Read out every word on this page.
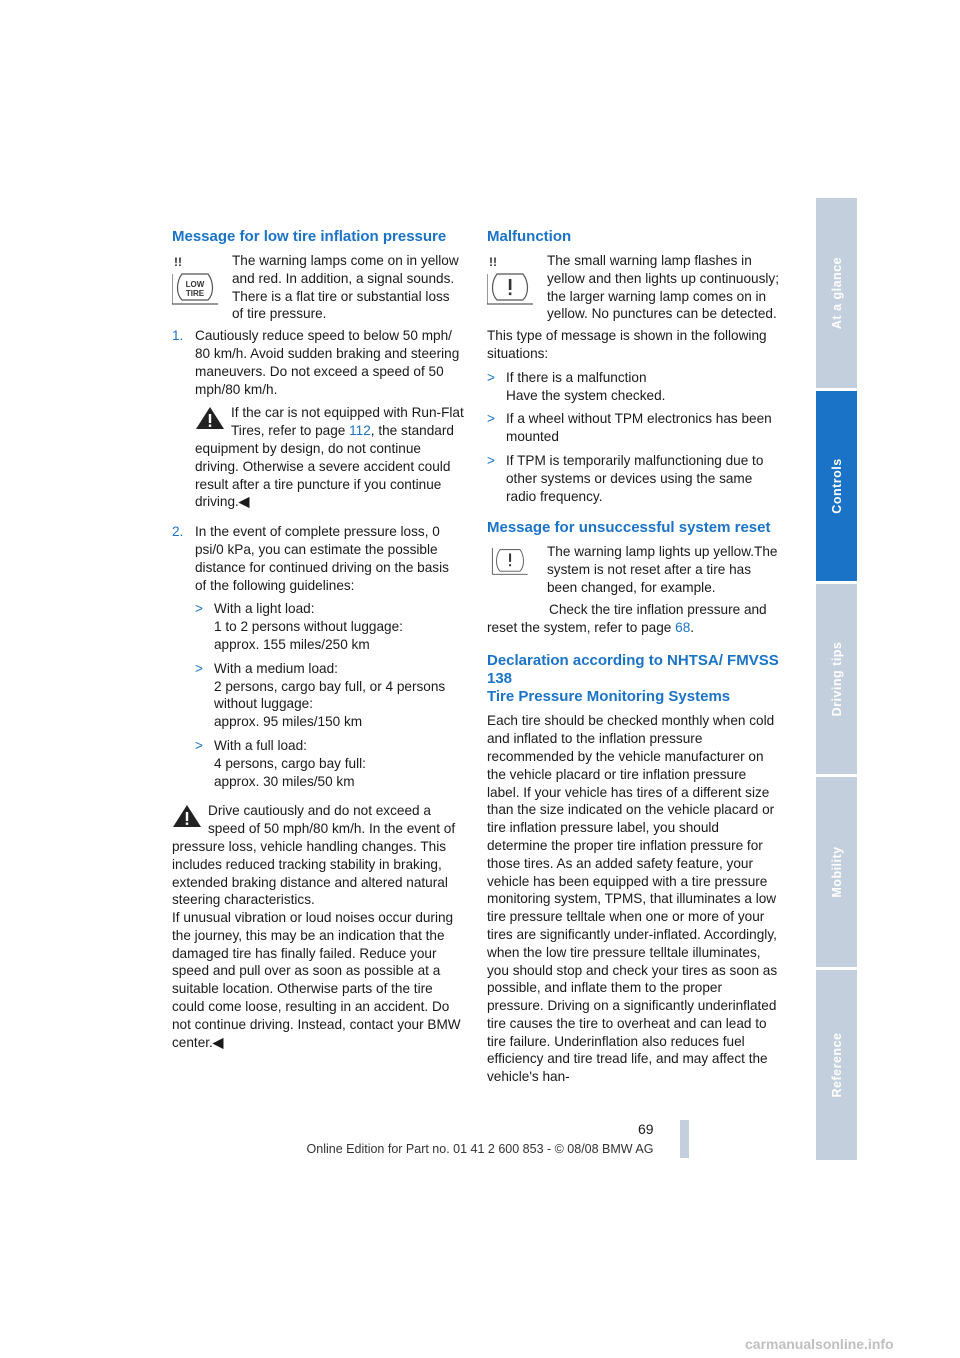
Message for low tire inflation pressure
!!
LOW
TIRE
The warning lamps come on in yellow and red. In addition, a signal sounds. There is a flat tire or substantial loss of tire pressure.
1. Cautiously reduce speed to below 50 mph/ 80 km/h. Avoid sudden braking and steering maneuvers. Do not exceed a speed of 50 mph/80 km/h.

If the car is not equipped with Run-Flat Tires, refer to page 112, the standard equipment by design, do not continue driving. Otherwise a severe accident could result after a tire puncture if you continue driving.◀
2. In the event of complete pressure loss, 0 psi/0 kPa, you can estimate the possible distance for continued driving on the basis of the following guidelines:

> With a light load:
1 to 2 persons without luggage:
approx. 155 miles/250 km
> With a medium load:
2 persons, cargo bay full, or 4 persons without luggage:
approx. 95 miles/150 km
> With a full load:
4 persons, cargo bay full:
approx. 30 miles/50 km
Drive cautiously and do not exceed a speed of 50 mph/80 km/h. In the event of pressure loss, vehicle handling changes. This includes reduced tracking stability in braking, extended braking distance and altered natural steering characteristics.
If unusual vibration or loud noises occur during the journey, this may be an indication that the damaged tire has finally failed. Reduce your speed and pull over as soon as possible at a suitable location. Otherwise parts of the tire could come loose, resulting in an accident. Do not continue driving. Instead, contact your BMW center.◀
Malfunction
!!	The small warning lamp flashes in yellow and then lights up continuously; the larger warning lamp comes on in yellow. No punctures can be detected.

This type of message is shown in the following situations:

> If there is a malfunction
Have the system checked.
> If a wheel without TPM electronics has been mounted
> If TPM is temporarily malfunctioning due to other systems or devices using the same radio frequency.
Message for unsuccessful system reset
The warning lamp lights up yellow.The system is not reset after a tire has been changed, for example.

Check the tire inflation pressure and reset the system, refer to page 68.

Declaration according to NHTSA/ FMVSS 138
Tire Pressure Monitoring Systems

Each tire should be checked monthly when cold and inflated to the inflation pressure recommended by the vehicle manufacturer on the vehicle placard or tire inflation pressure label. If your vehicle has tires of a different size than the size indicated on the vehicle placard or tire inflation pressure label, you should determine the proper tire inflation pressure for those tires. As an added safety feature, your vehicle has been equipped with a tire pressure monitoring system, TPMS, that illuminates a low tire pressure telltale when one or more of your tires are significantly under-inflated. Accordingly, when the low tire pressure telltale illuminates, you should stop and check your tires as soon as possible, and inflate them to the proper pressure. Driving on a significantly underinflated tire causes the tire to overheat and can lead to tire failure. Underinflation also reduces fuel efficiency and tire tread life, and may affect the vehicle's han-

At a glance
Controls
Driving tips
Mobility
Reference
69
Online Edition for Part no. 01 41 2 600 853 - © 08/08 BMW AG
carmanualsonline.info
